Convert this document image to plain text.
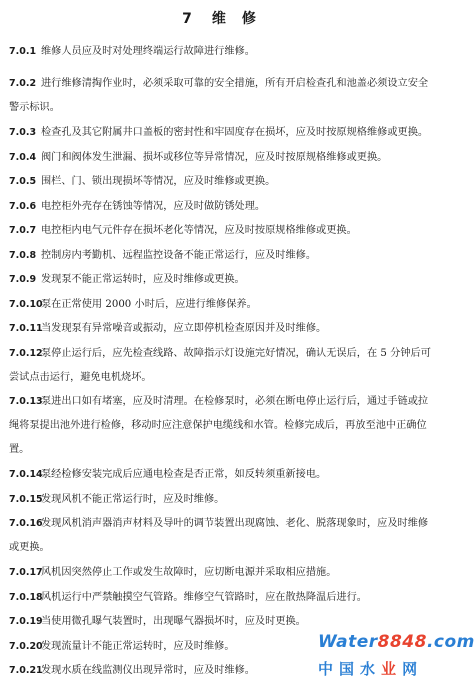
7 维 修
7.0.1 维修人员应及时对处理终端运行故障进行维修。
7.0.2 进行维修清掏作业时，必须采取可靠的安全措施，所有开启检查孔和池盖必须设立安全警示标识。
7.0.3 检查孔及其它附属井口盖板的密封性和牢固度存在损坏，应及时按原规格维修或更换。
7.0.4 阀门和阀体发生泄漏、损坏或移位等异常情况，应及时按原规格维修或更换。
7.0.5 围栏、门、锁出现损坏等情况，应及时维修或更换。
7.0.6 电控柜外壳存在锈蚀等情况，应及时做防锈处理。
7.0.7 电控柜内电气元件存在损坏老化等情况，应及时按原规格维修或更换。
7.0.8 控制房内考勤机、远程监控设备不能正常运行，应及时维修。
7.0.9 发现泵不能正常运转时，应及时维修或更换。
7.0.10泵在正常使用 2000 小时后，应进行维修保养。
7.0.11当发现泵有异常噪音或振动，应立即停机检查原因并及时维修。
7.0.12泵停止运行后，应先检查线路、故障指示灯设施完好情况，确认无误后，在 5 分钟后可尝试点击运行，避免电机烧坏。
7.0.13泵进出口如有堵塞，应及时清理。在检修泵时，必须在断电停止运行后，通过手链或拉绳将泵提出池外进行检修，移动时应注意保护电缆线和水管。检修完成后，再放至池中正确位置。
7.0.14泵经检修安装完成后应通电检查是否正常，如反转须重新接电。
7.0.15发现风机不能正常运行时，应及时维修。
7.0.16发现风机消声器消声材料及导叶的调节装置出现腐蚀、老化、脱落现象时，应及时维修或更换。
7.0.17风机因突然停止工作或发生故障时，应切断电源并采取相应措施。
7.0.18风机运行中严禁触摸空气管路。维修空气管路时，应在散热降温后进行。
7.0.19当使用微孔曝气装置时，出现曝气器损坏时，应及时更换。
7.0.20发现流量计不能正常运转时，应及时维修。
7.0.21发现水质在线监测仪出现异常时，应及时维修。
Water8848.com
中国水业网
